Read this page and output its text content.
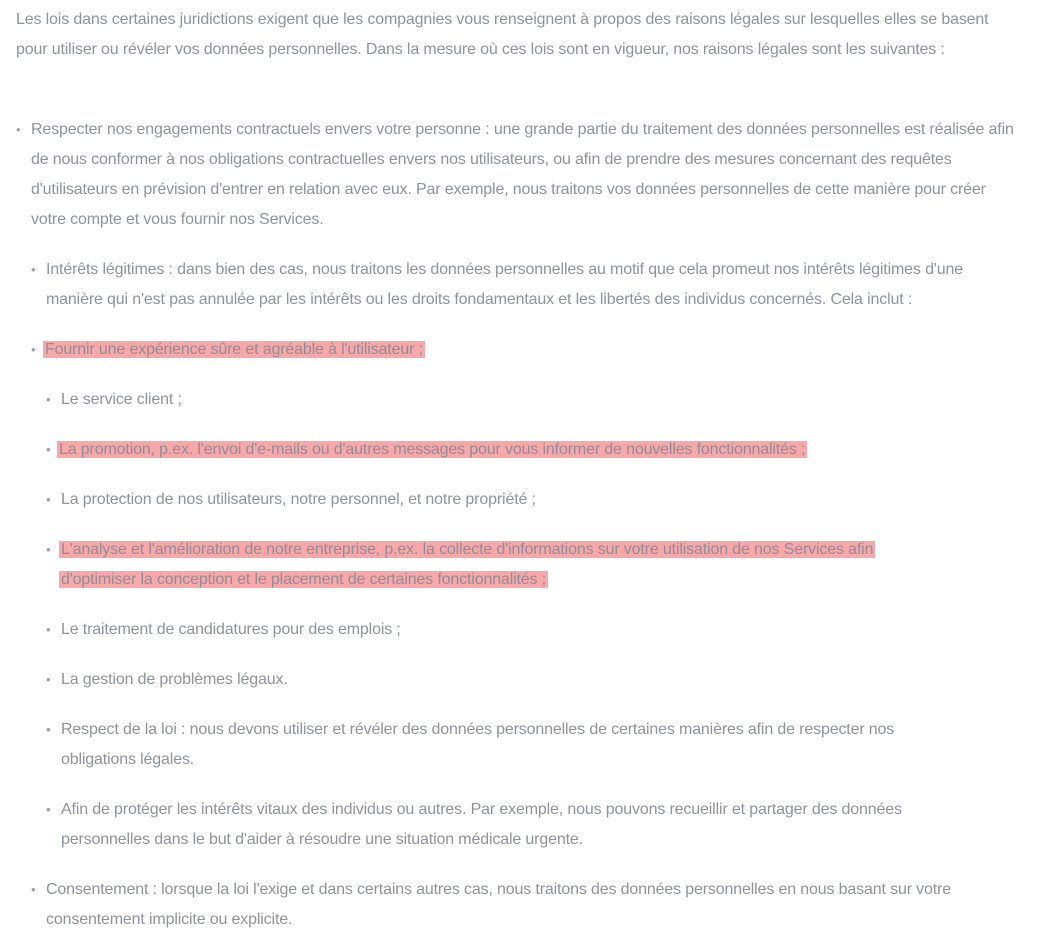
Les lois dans certaines juridictions exigent que les compagnies vous renseignent à propos des raisons légales sur lesquelles elles se basent pour utiliser ou révéler vos données personnelles. Dans la mesure où ces lois sont en vigueur, nos raisons légales sont les suivantes :

• Respecter nos engagements contractuels envers votre personne : une grande partie du traitement des données personnelles est réalisée afin de nous conformer à nos obligations contractuelles envers nos utilisateurs, ou afin de prendre des mesures concernant des requêtes d'utilisateurs en prévision d'entrer en relation avec eux. Par exemple, nous traitons vos données personnelles de cette manière pour créer votre compte et vous fournir nos Services.
• Intérêts légitimes : dans bien des cas, nous traitons les données personnelles au motif que cela promeut nos intérêts légitimes d'une manière qui n'est pas annulée par les intérêts ou les droits fondamentaux et les libertés des individus concernés. Cela inclut :
• Fournir une expérience sûre et agréable à l'utilisateur ;
• Le service client ;
• La promotion, p.ex. l'envoi d'e-mails ou d'autres messages pour vous informer de nouvelles fonctionnalités ;
• La protection de nos utilisateurs, notre personnel, et notre propriété ;
• L'analyse et l'amélioration de notre entreprise, p.ex. la collecte d'informations sur votre utilisation de nos Services afin d'optimiser la conception et le placement de certaines fonctionnalités ;
• Le traitement de candidatures pour des emplois ;
• La gestion de problèmes légaux.
• Respect de la loi : nous devons utiliser et révéler des données personnelles de certaines manières afin de respecter nos obligations légales.
• Afin de protéger les intérêts vitaux des individus ou autres. Par exemple, nous pouvons recueillir et partager des données personnelles dans le but d'aider à résoudre une situation médicale urgente.
• Consentement : lorsque la loi l'exige et dans certains autres cas, nous traitons des données personnelles en nous basant sur votre consentement implicite ou explicite.
